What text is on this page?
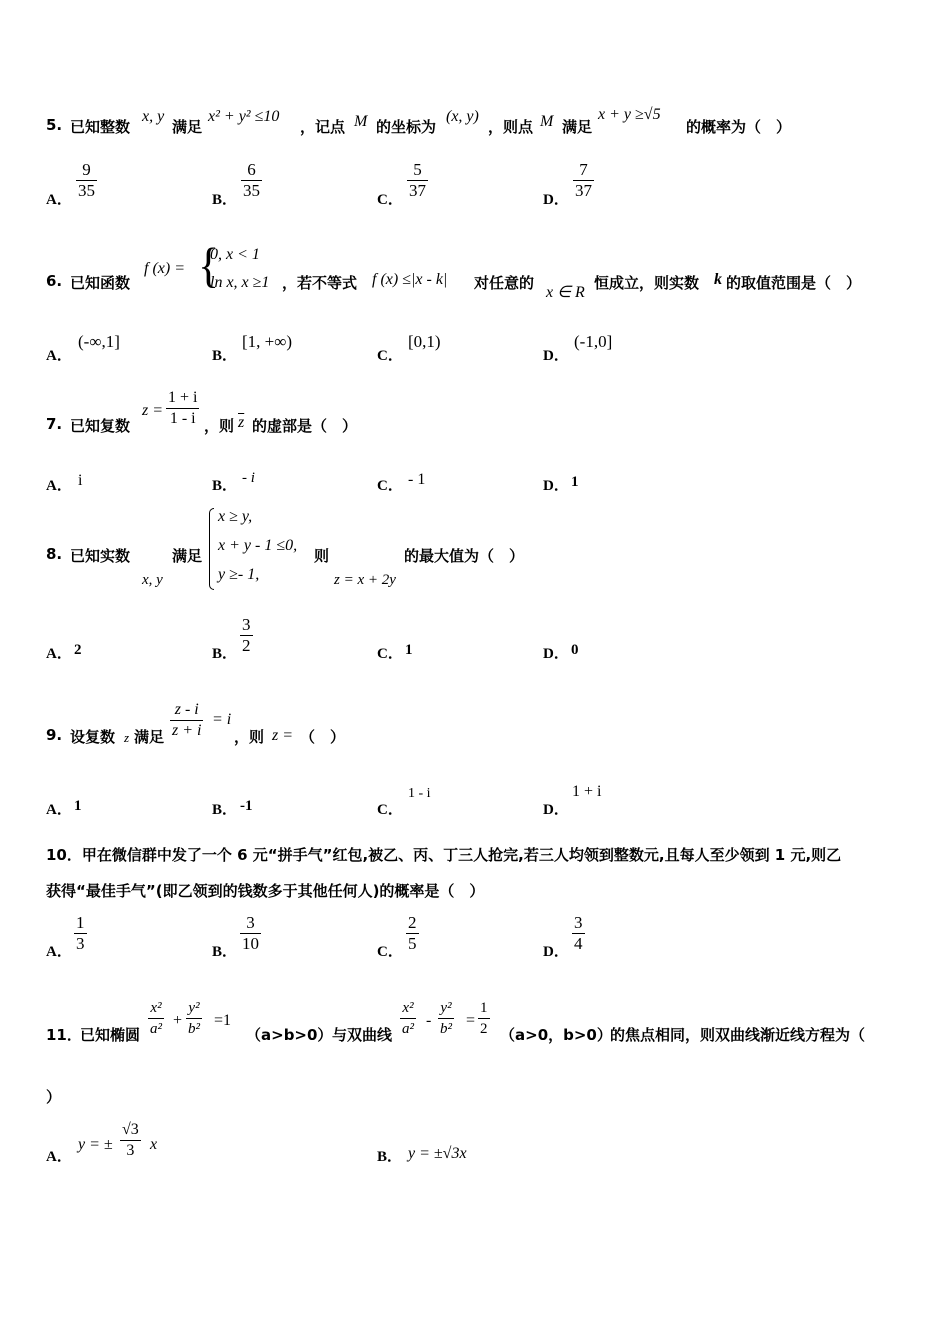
5. 已知整数
x, y
满足
x² + y² ≤10
，记点 M 的坐标为
(x, y)
，则点 M 满足
x + y ≥√5
的概率为（　）
A．
9
35	B．
6
35	C．
5
37	D．
7
37
6. 已知函数
f (x) = {
0, x < 1
ln x, x ≥1 ，若不等式 f (x) ≤|x - k| 对任意的
x ∈ R
恒成立，则实数 k 的取值范围是（　）
A．
(-∞,1]
B．
[1, +∞)
C．
[0,1)
D．
(-1,0]
7. 已知复数
z =
1 + i
1 - i ，则 $\overline{z}$ 的虚部是（　）
A． i	B． - i	C． - 1	D． 1
8. 已知实数
x, y
满足
x ≥ y,
x + y - 1 ≤0,
y ≥- 1,
则
z = x + 2y
的最大值为（　）
A． 2	B．
3
2	C． 1	D． 0
9. 设复数 z 满足
z - i
z + i
= i
，则 z = （　）
A． 1	B． -1	C．
1 - i
D．
1 + i
10．甲在微信群中发了一个 6 元“拼手气”红包,被乙、丙、丁三人抢完,若三人均领到整数元,且每人至少领到 1 元,则乙
获得“最佳手气”(即乙领到的钱数多于其他任何人)的概率是（　）
A．
1
3	B．
3
10	C．
2
5	D．
3
4
11．
已知椭圆
x²
a² +
y²
b² =1
（a>b>0） 与双曲线
x²
a² -
y²
b² =
1
2 （a>0，b>0）
的焦点相同，则双曲线渐近线方程为（
）
A．
y = ±
√3
3 x
B． y = ±√3x
